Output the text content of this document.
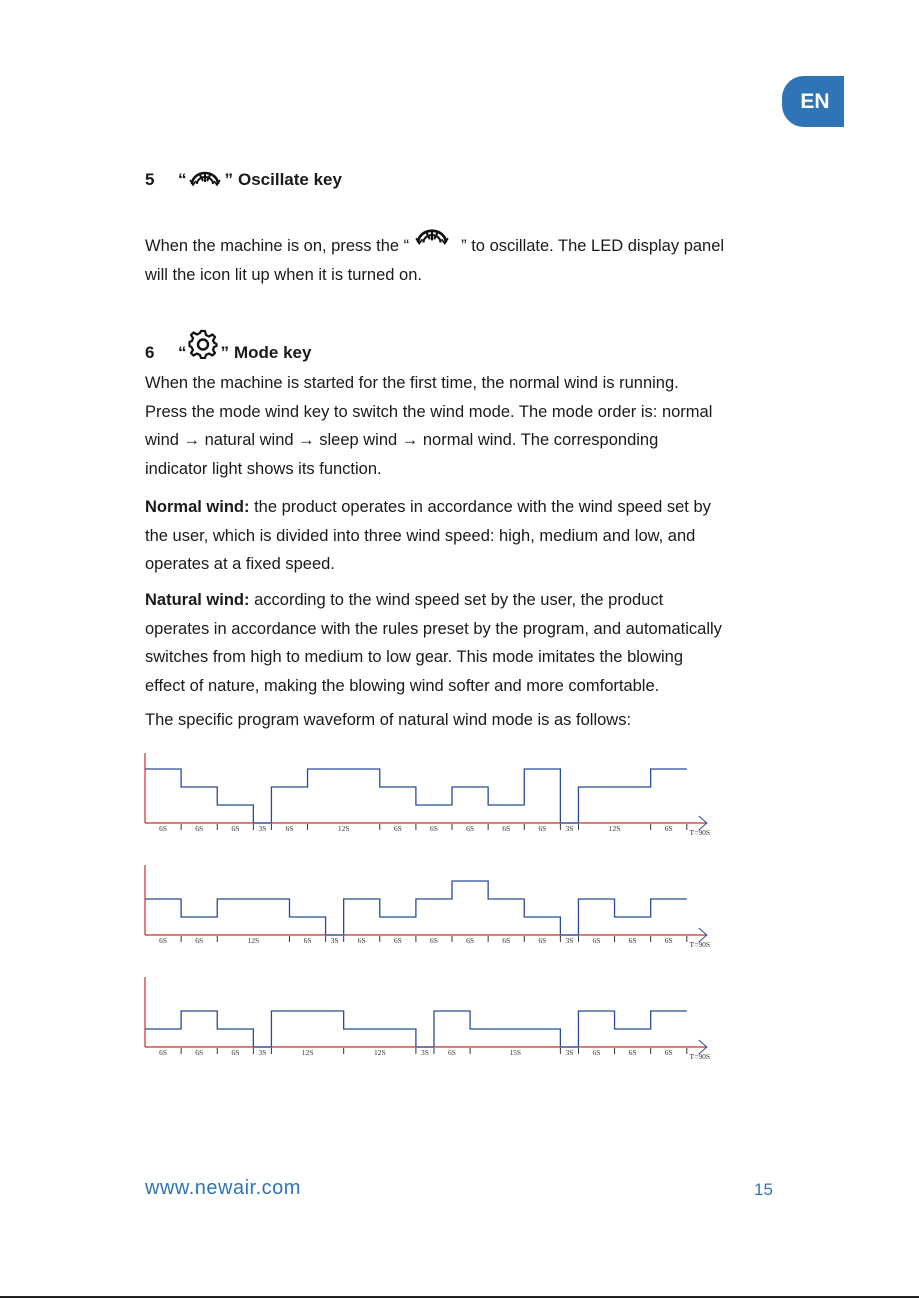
EN
5	“ ” Oscillate key
When the machine is on, press the “	” to oscillate. The LED display panel
will the icon lit up when it is turned on.
6	“ ” Mode key
When the machine is started for the first time, the normal wind is running.
Press the mode wind key to switch the wind mode. The mode order is: normal
wind → natural wind → sleep wind → normal wind. The corresponding
indicator light shows its function.
Normal wind: the product operates in accordance with the wind speed set by
the user, which is divided into three wind speed: high, medium and low, and
operates at a fixed speed.
Natural wind: according to the wind speed set by the user, the product
operates in accordance with the rules preset by the program, and automatically
switches from high to medium to low gear. This mode imitates the blowing
effect of nature, making the blowing wind softer and more comfortable.
The specific program waveform of natural wind mode is as follows:
6S	6S	6S	3S	6S	12S	6S	6S	6S	6S	6S	3S	12S	6S T=90S
6S	6S	12S	6S	3S	6S	6S	6S	6S	6S	6S	3S	6S	6S	6S T=90S
6S	6S	6S	3S	12S	12S	3S	6S	15S	3S	6S	6S	6S T=90S
www.newair.com	15
